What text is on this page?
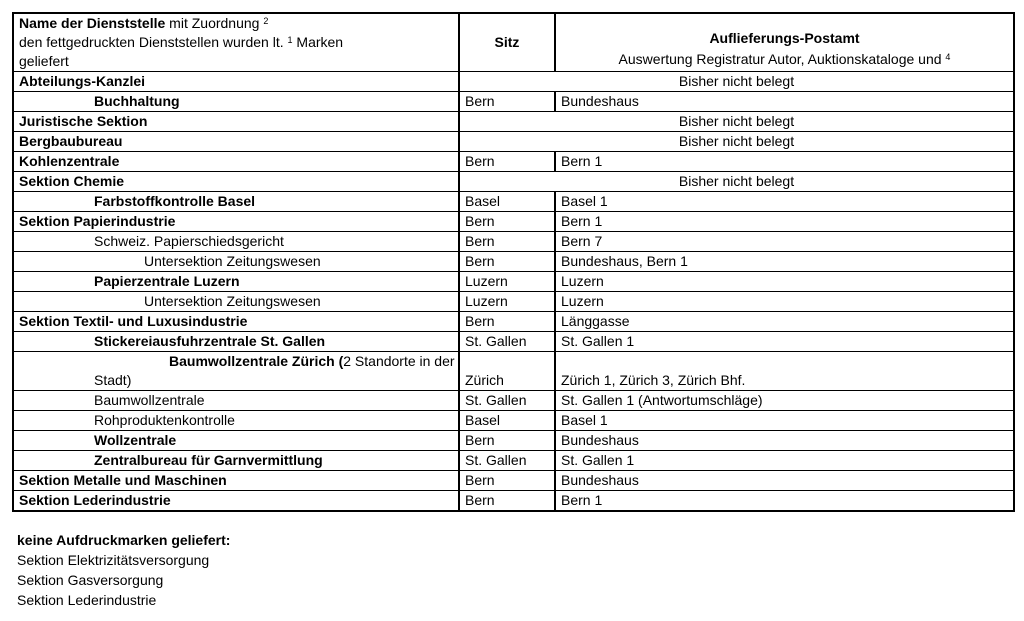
Name der Dienststelle mit Zuordnung $^2$
den fettgedruckten Dienststellen wurden lt. $^1$ Marken
geliefert	Sitz	Auflieferungs-Postamt
Auswertung Registratur Autor, Auktionskataloge und $^4$
Abteilungs-Kanzlei	Bisher nicht belegt	
Buchhaltung	Bern	Bundeshaus
Juristische Sektion	Bisher nicht belegt	
Bergbaubureau	Bisher nicht belegt	
Kohlenzentrale	Bern	Bern 1
Sektion Chemie	Bisher nicht belegt	
Farbstoffkontrolle Basel	Basel	Basel 1
Sektion Papierindustrie	Bern	Bern 1
Schweiz. Papierschiedsgericht	Bern	Bern 7
Untersektion Zeitungswesen	Bern	Bundeshaus, Bern 1
Papierzentrale Luzern	Luzern	Luzern
Untersektion Zeitungswesen	Luzern	Luzern
Sektion Textil- und Luxusindustrie	Bern	Länggasse
Stickereiausfuhrzentrale St. Gallen	St. Gallen	St. Gallen 1
Baumwollzentrale Zürich (2 Standorte in der
Stadt)	Zürich	Zürich 1, Zürich 3, Zürich Bhf.
Baumwollzentrale	St. Gallen	St. Gallen 1 (Antwortumschläge)
Rohproduktenkontrolle	Basel	Basel 1
Wollzentrale	Bern	Bundeshaus
Zentralbureau für Garnvermittlung	St. Gallen	St. Gallen 1
Sektion Metalle und Maschinen	Bern	Bundeshaus
Sektion Lederindustrie	Bern	Bern 1
keine Aufdruckmarken geliefert:
Sektion Elektrizitätsversorgung
Sektion Gasversorgung
Sektion Lederindustrie
